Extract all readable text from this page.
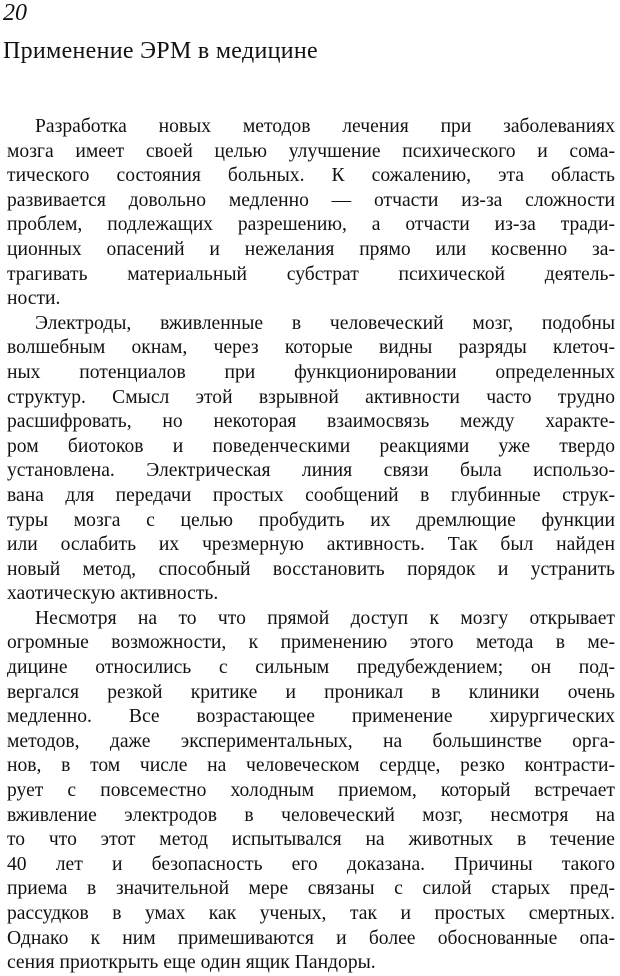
20
Применение ЭРМ в медицине
Разработка новых методов лечения при заболеваниях
мозга имеет своей целью улучшение психического и сома-
тического состояния больных. К сожалению, эта область
развивается довольно медленно — отчасти из-за сложности
проблем, подлежащих разрешению, а отчасти из-за тради-
ционных опасений и нежелания прямо или косвенно за-
трагивать материальный субстрат психической деятель-
ности.
Электроды, вживленные в человеческий мозг, подобны
волшебным окнам, через которые видны разряды клеточ-
ных потенциалов при функционировании определенных
структур. Смысл этой взрывной активности часто трудно
расшифровать, но некоторая взаимосвязь между характе-
ром биотоков и поведенческими реакциями уже твердо
установлена. Электрическая линия связи была использо-
вана для передачи простых сообщений в глубинные струк-
туры мозга с целью пробудить их дремлющие функции
или ослабить их чрезмерную активность. Так был найден
новый метод, способный восстановить порядок и устранить
хаотическую активность.
Несмотря на то что прямой доступ к мозгу открывает
огромные возможности, к применению этого метода в ме-
дицине относились с сильным предубеждением; он под-
вергался резкой критике и проникал в клиники очень
медленно. Все возрастающее применение хирургических
методов, даже экспериментальных, на большинстве орга-
нов, в том числе на человеческом сердце, резко контрасти-
рует с повсеместно холодным приемом, который встречает
вживление электродов в человеческий мозг, несмотря на
то что этот метод испытывался на животных в течение
40 лет и безопасность его доказана. Причины такого
приема в значительной мере связаны с силой старых пред-
рассудков в умах как ученых, так и простых смертных.
Однако к ним примешиваются и более обоснованные опа-
сения приоткрыть еще один ящик Пандоры.
